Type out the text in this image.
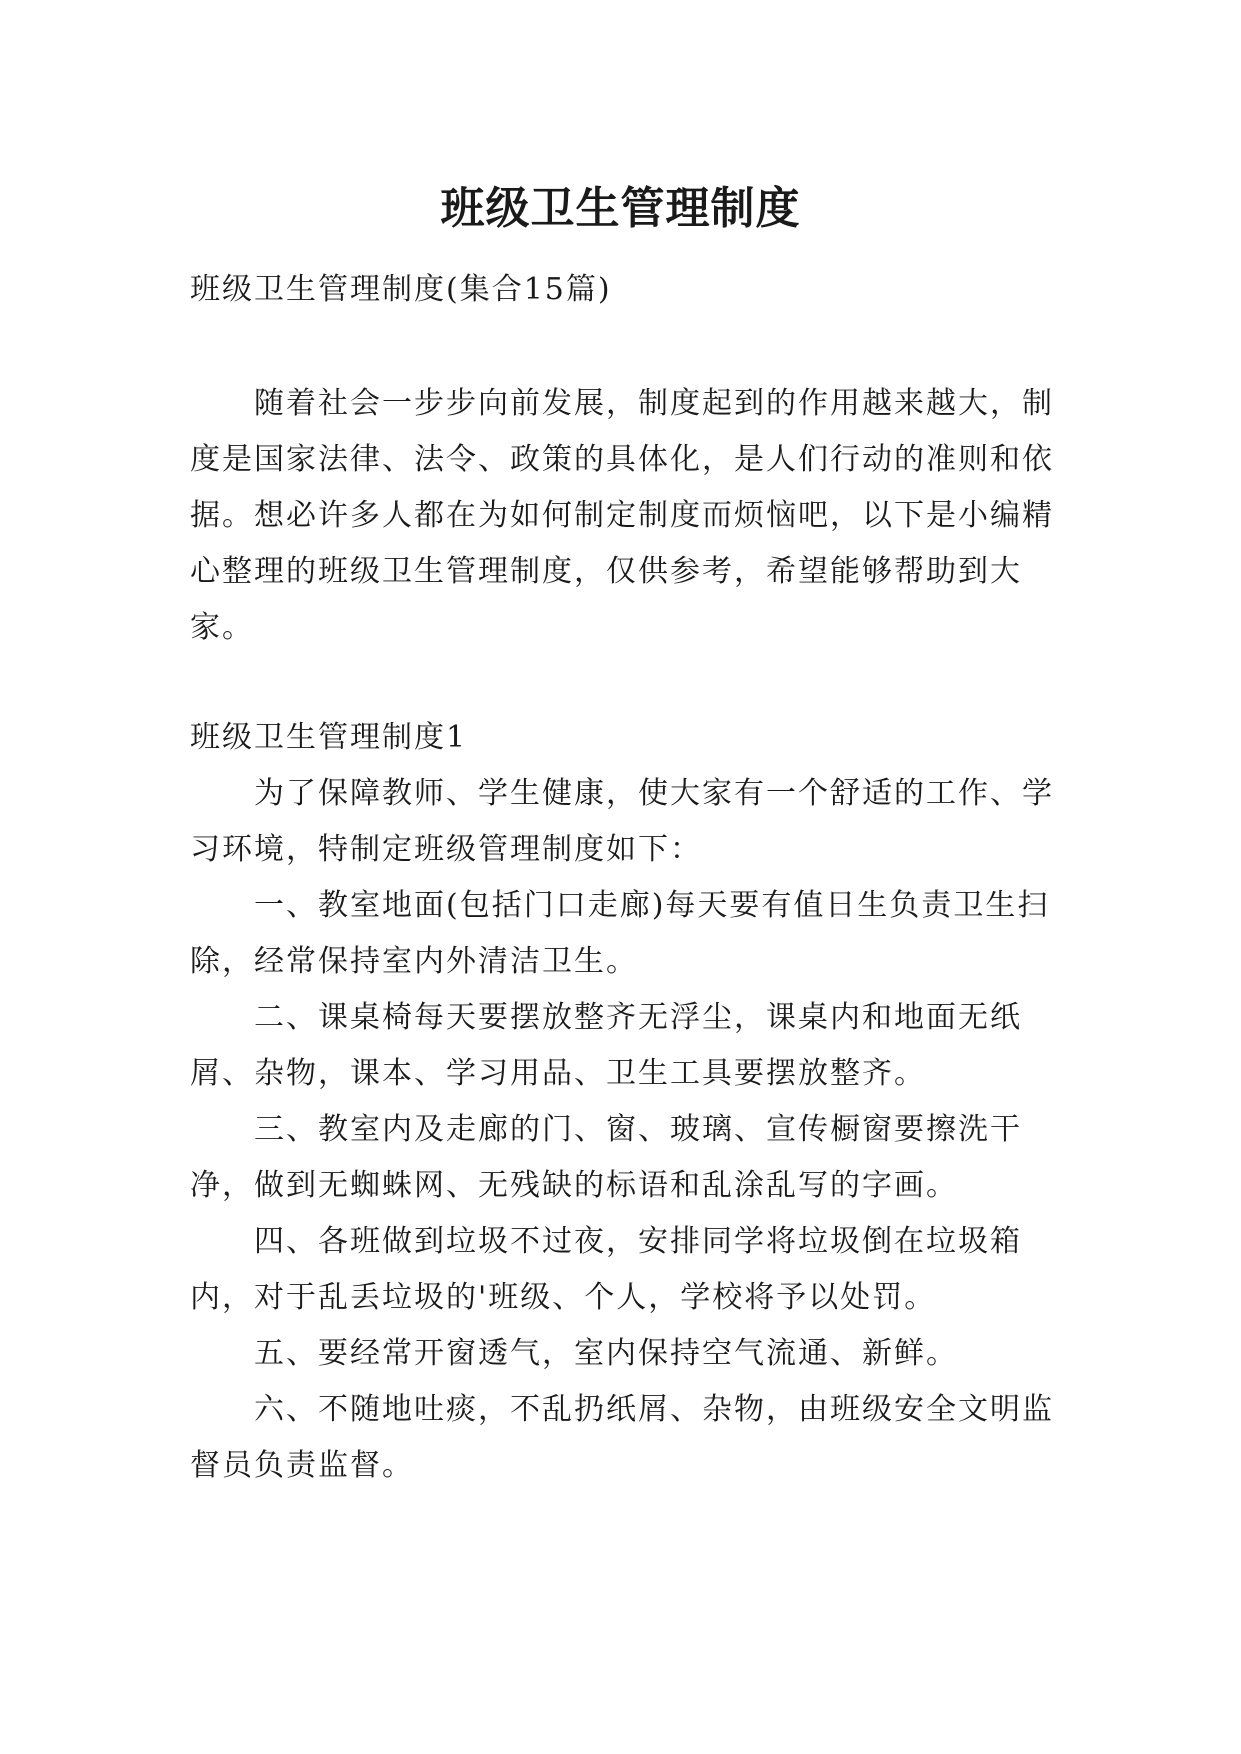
班级卫生管理制度

班级卫生管理制度(集合15篇)

随着社会一步步向前发展，制度起到的作用越来越大，制度是国家法律、法令、政策的具体化，是人们行动的准则和依据。想必许多人都在为如何制定制度而烦恼吧，以下是小编精心整理的班级卫生管理制度，仅供参考，希望能够帮助到大家。

班级卫生管理制度1

为了保障教师、学生健康，使大家有一个舒适的工作、学习环境，特制定班级管理制度如下：

一、教室地面(包括门口走廊)每天要有值日生负责卫生扫除，经常保持室内外清洁卫生。

二、课桌椅每天要摆放整齐无浮尘，课桌内和地面无纸屑、杂物，课本、学习用品、卫生工具要摆放整齐。

三、教室内及走廊的门、窗、玻璃、宣传橱窗要擦洗干净，做到无蜘蛛网、无残缺的标语和乱涂乱写的字画。

四、各班做到垃圾不过夜，安排同学将垃圾倒在垃圾箱内，对于乱丢垃圾的'班级、个人，学校将予以处罚。

五、要经常开窗透气，室内保持空气流通、新鲜。

六、不随地吐痰，不乱扔纸屑、杂物，由班级安全文明监督员负责监督。
